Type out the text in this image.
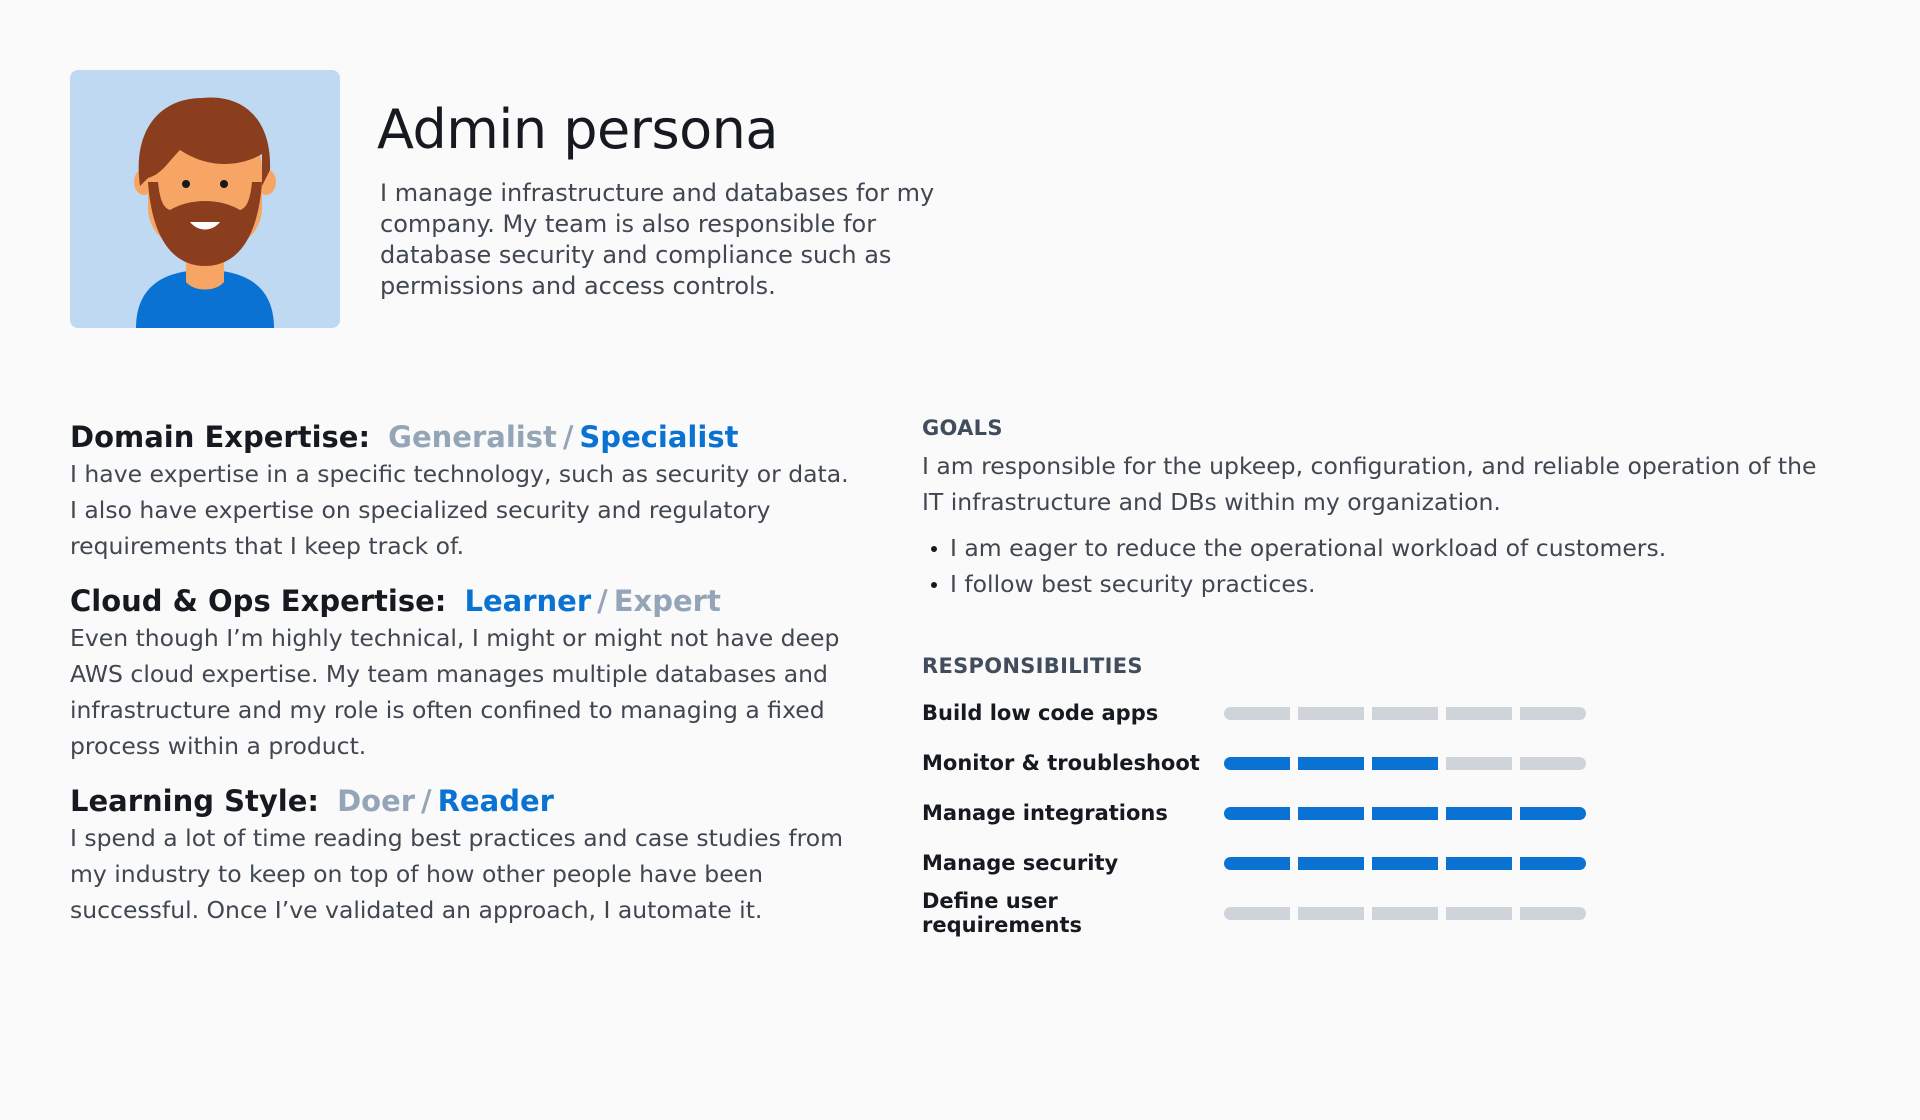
Admin persona
I manage infrastructure and databases for my company. My team is also responsible for database security and compliance such as permissions and access controls.
Domain Expertise: Generalist / Specialist
I have expertise in a specific technology, such as security or data. I also have expertise on specialized security and regulatory requirements that I keep track of.
Cloud & Ops Expertise: Learner / Expert
Even though I’m highly technical, I might or might not have deep AWS cloud expertise. My team manages multiple databases and infrastructure and my role is often confined to managing a fixed process within a product.
Learning Style: Doer / Reader
I spend a lot of time reading best practices and case studies from my industry to keep on top of how other people have been successful. Once I’ve validated an approach, I automate it.
GOALS
I am responsible for the upkeep, configuration, and reliable operation of the IT infrastructure and DBs within my organization.
I am eager to reduce the operational workload of customers.
I follow best security practices.
RESPONSIBILITIES
Build low code apps
Monitor & troubleshoot
Manage integrations
Manage security
Define user requirements
